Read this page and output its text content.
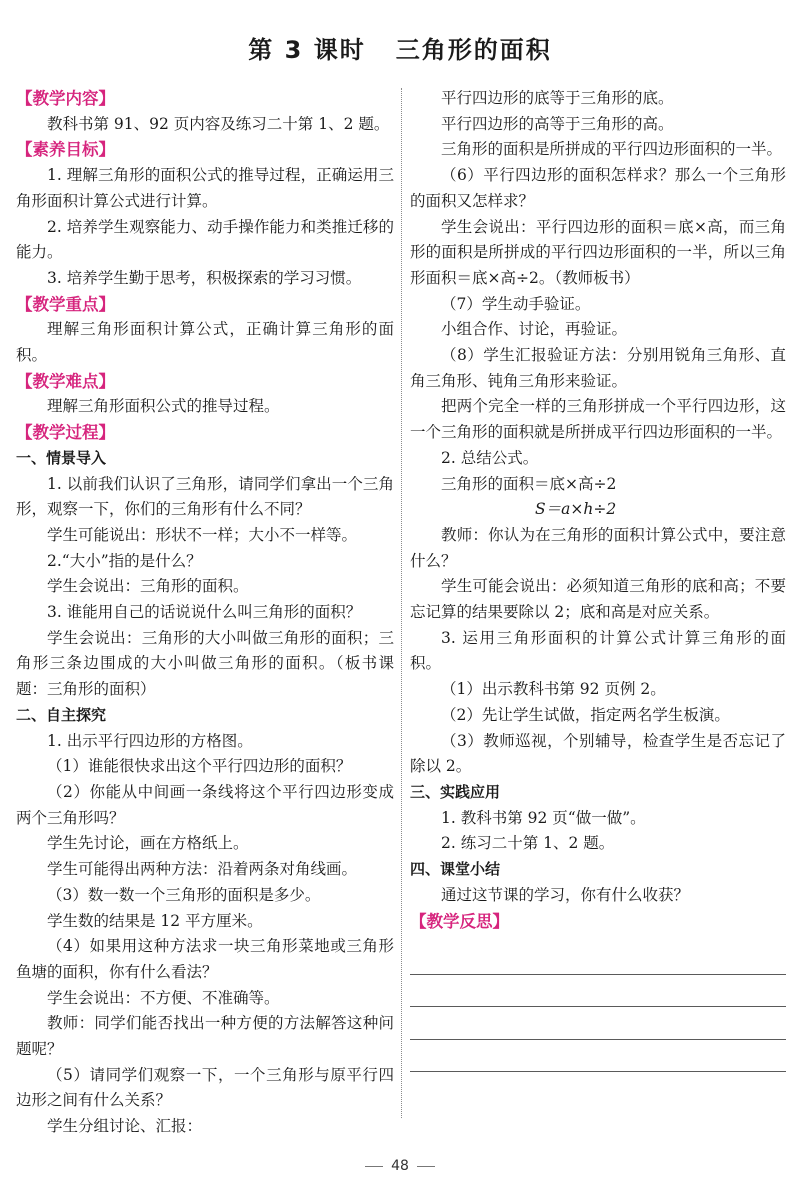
第 3 课时 三角形的面积

【教学内容】

教科书第 91、92 页内容及练习二十第 1、2 题。

【素养目标】

1. 理解三角形的面积公式的推导过程，正确运用三角形面积计算公式进行计算。

2. 培养学生观察能力、动手操作能力和类推迁移的能力。

3. 培养学生勤于思考，积极探索的学习习惯。

【教学重点】

理解三角形面积计算公式，正确计算三角形的面积。

【教学难点】

理解三角形面积公式的推导过程。

【教学过程】

一、情景导入

1. 以前我们认识了三角形，请同学们拿出一个三角形，观察一下，你们的三角形有什么不同？

学生可能说出：形状不一样；大小不一样等。

2.“大小”指的是什么？

学生会说出：三角形的面积。

3. 谁能用自己的话说说什么叫三角形的面积？

学生会说出：三角形的大小叫做三角形的面积；三角形三条边围成的大小叫做三角形的面积。（板书课题：三角形的面积）

二、自主探究

1. 出示平行四边形的方格图。

（1）谁能很快求出这个平行四边形的面积？

（2）你能从中间画一条线将这个平行四边形变成两个三角形吗？

学生先讨论，画在方格纸上。

学生可能得出两种方法：沿着两条对角线画。

（3）数一数一个三角形的面积是多少。

学生数的结果是 12 平方厘米。

（4）如果用这种方法求一块三角形菜地或三角形鱼塘的面积，你有什么看法？

学生会说出：不方便、不准确等。

教师：同学们能否找出一种方便的方法解答这种问题呢？

（5）请同学们观察一下，一个三角形与原平行四边形之间有什么关系？

学生分组讨论、汇报：

平行四边形的底等于三角形的底。

平行四边形的高等于三角形的高。

三角形的面积是所拼成的平行四边形面积的一半。

（6）平行四边形的面积怎样求？那么一个三角形的面积又怎样求？

学生会说出：平行四边形的面积＝底×高，而三角形的面积是所拼成的平行四边形面积的一半，所以三角形面积＝底×高÷2。（教师板书）

（7）学生动手验证。

小组合作、讨论，再验证。

（8）学生汇报验证方法：分别用锐角三角形、直角三角形、钝角三角形来验证。

把两个完全一样的三角形拼成一个平行四边形，这一个三角形的面积就是所拼成平行四边形面积的一半。

2. 总结公式。

三角形的面积＝底×高÷2

S＝a×h÷2

教师：你认为在三角形的面积计算公式中，要注意什么？

学生可能会说出：必须知道三角形的底和高；不要忘记算的结果要除以 2；底和高是对应关系。

3. 运用三角形面积的计算公式计算三角形的面积。

（1）出示教科书第 92 页例 2。

（2）先让学生试做，指定两名学生板演。

（3）教师巡视，个别辅导，检查学生是否忘记了除以 2。

三、实践应用

1. 教科书第 92 页“做一做”。

2. 练习二十第 1、2 题。

四、课堂小结

通过这节课的学习，你有什么收获？

【教学反思】

48
